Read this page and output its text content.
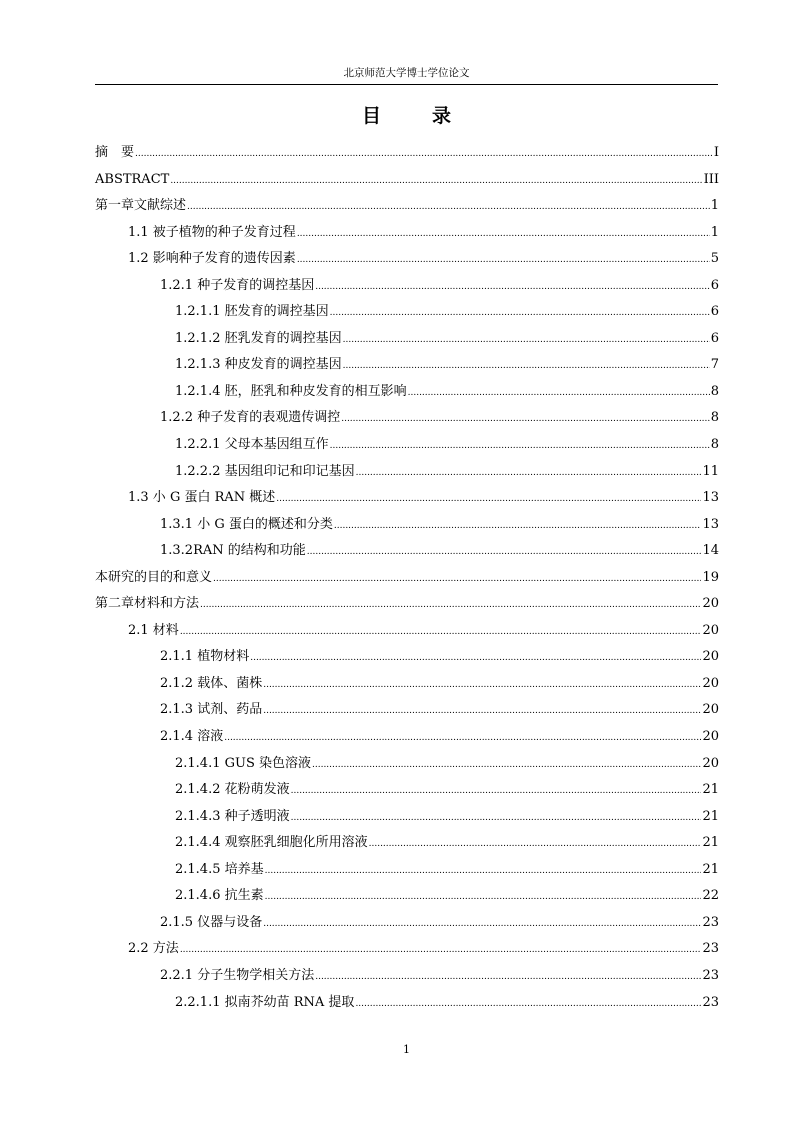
北京师范大学博士学位论文
目　录
摘　要 .....	I
ABSTRACT .....	III
第一章文献综述 .....	1
1.1 被子植物的种子发育过程 .....	1
1.2 影响种子发育的遗传因素 .....	5
1.2.1 种子发育的调控基因 .....	6
1.2.1.1 胚发育的调控基因 .....	6
1.2.1.2 胚乳发育的调控基因 .....	6
1.2.1.3 种皮发育的调控基因 .....	7
1.2.1.4 胚，胚乳和种皮发育的相互影响 .....	8
1.2.2 种子发育的表观遗传调控 .....	8
1.2.2.1 父母本基因组互作 .....	8
1.2.2.2 基因组印记和印记基因 .....	11
1.3 小 G 蛋白 RAN 概述 .....	13
1.3.1 小 G 蛋白的概述和分类 .....	13
1.3.2RAN 的结构和功能 .....	14
本研究的目的和意义 .....	19
第二章材料和方法 .....	20
2.1 材料 .....	20
2.1.1 植物材料 .....	20
2.1.2 载体、菌株 .....	20
2.1.3 试剂、药品 .....	20
2.1.4 溶液 .....	20
2.1.4.1 GUS 染色溶液 .....	20
2.1.4.2 花粉萌发液 .....	21
2.1.4.3 种子透明液 .....	21
2.1.4.4 观察胚乳细胞化所用溶液 .....	21
2.1.4.5 培养基 .....	21
2.1.4.6 抗生素 .....	22
2.1.5 仪器与设备 .....	23
2.2 方法 .....	23
2.2.1 分子生物学相关方法 .....	23
2.2.1.1 拟南芥幼苗 RNA 提取 .....	23
1
